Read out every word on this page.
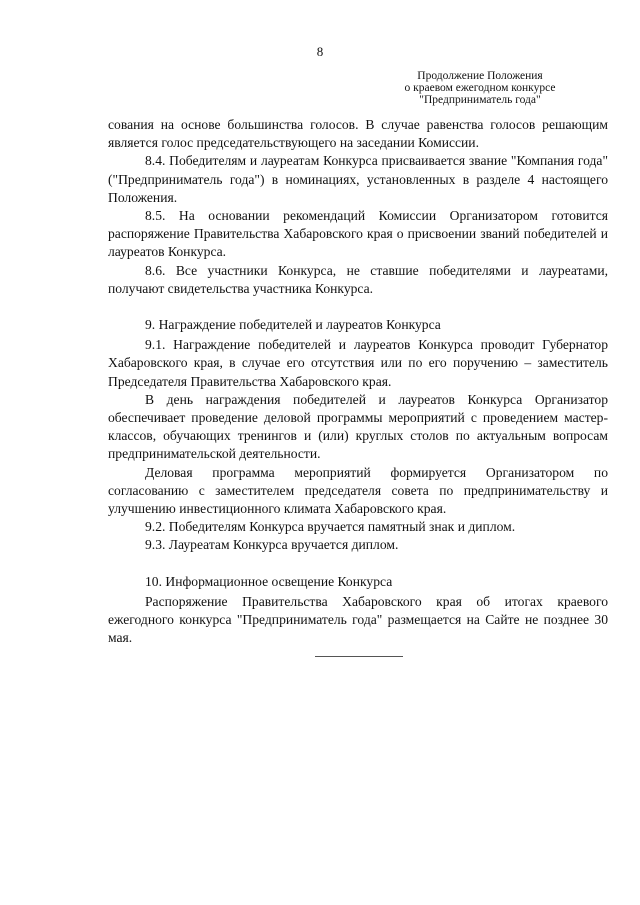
8
Продолжение Положения
о краевом ежегодном конкурсе
"Предприниматель года"

сования на основе большинства голосов. В случае равенства голосов решающим является голос председательствующего на заседании Комиссии.

8.4. Победителям и лауреатам Конкурса присваивается звание "Компания года" ("Предприниматель года") в номинациях, установленных в разделе 4 настоящего Положения.

8.5. На основании рекомендаций Комиссии Организатором готовится распоряжение Правительства Хабаровского края о присвоении званий победителей и лауреатов Конкурса.

8.6. Все участники Конкурса, не ставшие победителями и лауреатами, получают свидетельства участника Конкурса.

9. Награждение победителей и лауреатов Конкурса

9.1. Награждение победителей и лауреатов Конкурса проводит Губернатор Хабаровского края, в случае его отсутствия или по его поручению – заместитель Председателя Правительства Хабаровского края.

В день награждения победителей и лауреатов Конкурса Организатор обеспечивает проведение деловой программы мероприятий с проведением мастер-классов, обучающих тренингов и (или) круглых столов по актуальным вопросам предпринимательской деятельности.

Деловая программа мероприятий формируется Организатором по согласованию с заместителем председателя совета по предпринимательству и улучшению инвестиционного климата Хабаровского края.

9.2. Победителям Конкурса вручается памятный знак и диплом.

9.3. Лауреатам Конкурса вручается диплом.

10. Информационное освещение Конкурса

Распоряжение Правительства Хабаровского края об итогах краевого ежегодного конкурса "Предприниматель года" размещается на Сайте не позднее 30 мая.
